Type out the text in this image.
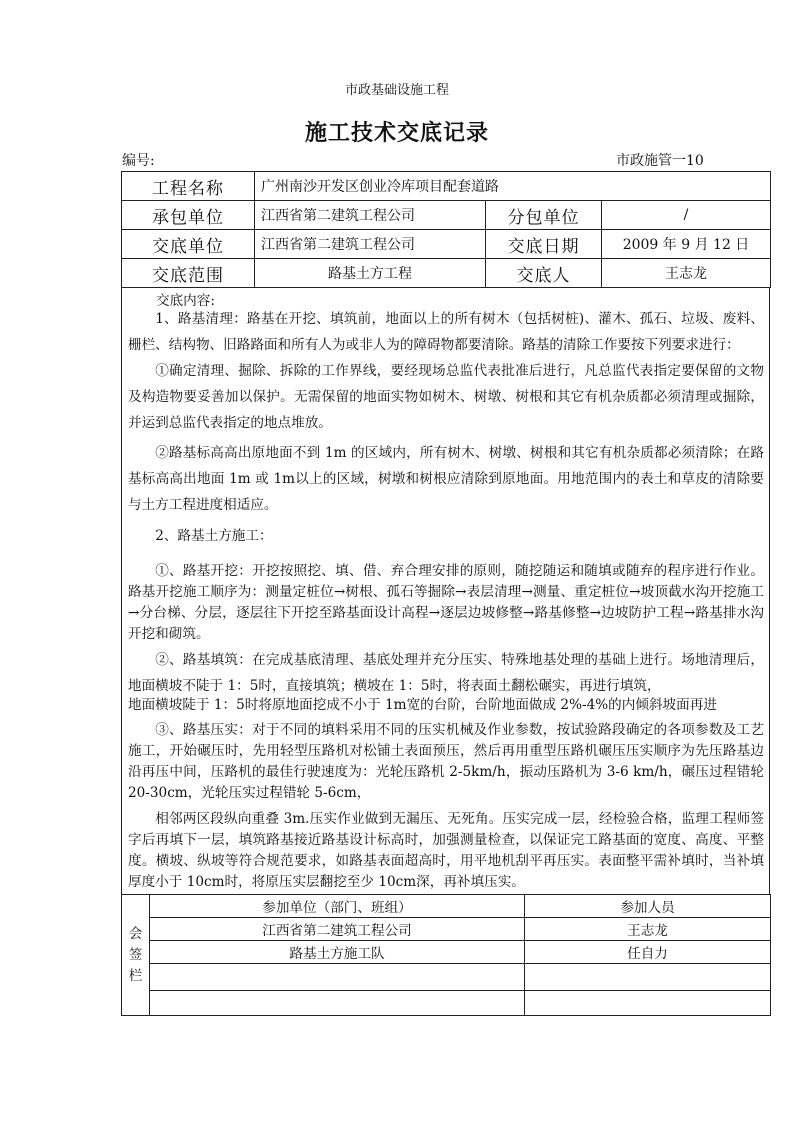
市政基础设施工程
施工技术交底记录
编号:	市政施管一10
工程名称	广州南沙开发区创业冷库项目配套道路		
承包单位	江西省第二建筑工程公司	分包单位	/
交底单位	江西省第二建筑工程公司	交底日期	2009 年 9 月 12 日
交底范围	路基土方工程	交底人	王志龙

交底内容:

1、路基清理：路基在开挖、填筑前，地面以上的所有树木（包括树桩)、灌木、孤石、垃圾、废料、栅栏、结构物、旧路路面和所有人为或非人为的障碍物都要清除。路基的清除工作要按下列要求进行：

①确定清理、掘除、拆除的工作界线，要经现场总监代表批准后进行，凡总监代表指定要保留的文物及构造物要妥善加以保护。无需保留的地面实物如树木、树墩、树根和其它有机杂质都必须清理或掘除，并运到总监代表指定的地点堆放。

②路基标高高出原地面不到 1m 的区域内，所有树木、树墩、树根和其它有机杂质都必须清除；在路基标高高出地面 1m 或 1m以上的区域，树墩和树根应清除到原地面。用地范围内的表土和草皮的清除要与土方工程进度相适应。

2、路基土方施工：

①、路基开挖：开挖按照挖、填、借、弃合理安排的原则，随挖随运和随填或随弃的程序进行作业。路基开挖施工顺序为：测量定桩位→树根、孤石等掘除→表层清理→测量、重定桩位→坡顶截水沟开挖施工→分台梯、分层，逐层往下开挖至路基面设计高程→逐层边坡修整→路基修整→边坡防护工程→路基排水沟开挖和砌筑。

②、路基填筑：在完成基底清理、基底处理并充分压实、特殊地基处理的基础上进行。场地清理后，地面横坡不陡于 1：5时，直接填筑；横坡在 1：5时，将表面土翻松碾实，再进行填筑，

地面横坡陡于 1：5时将原地面挖成不小于 1m宽的台阶，台阶地面做成 2%-4%的内倾斜坡面再进

③、路基压实：对于不同的填料采用不同的压实机械及作业参数，按试验路段确定的各项参数及工艺施工，开始碾压时，先用轻型压路机对松铺土表面预压，然后再用重型压路机碾压压实顺序为先压路基边沿再压中间，压路机的最佳行驶速度为：光轮压路机 2-5km/h，振动压路机为 3-6 km/h，碾压过程错轮 20-30cm，光轮压实过程错轮 5-6cm，

相邻两区段纵向重叠 3m.压实作业做到无漏压、无死角。压实完成一层，经检验合格，监理工程师签字后再填下一层，填筑路基接近路基设计标高时，加强测量检查，以保证完工路基面的宽度、高度、平整度。横坡、纵坡等符合规范要求，如路基表面超高时，用平地机刮平再压实。表面整平需补填时，当补填厚度小于 10cm时，将原压实层翻挖至少 10cm深，再补填压实。

会
签
栏	参加单位（部门、班组）	参加人员
	江西省第二建筑工程公司	王志龙
	路基土方施工队	任自力
